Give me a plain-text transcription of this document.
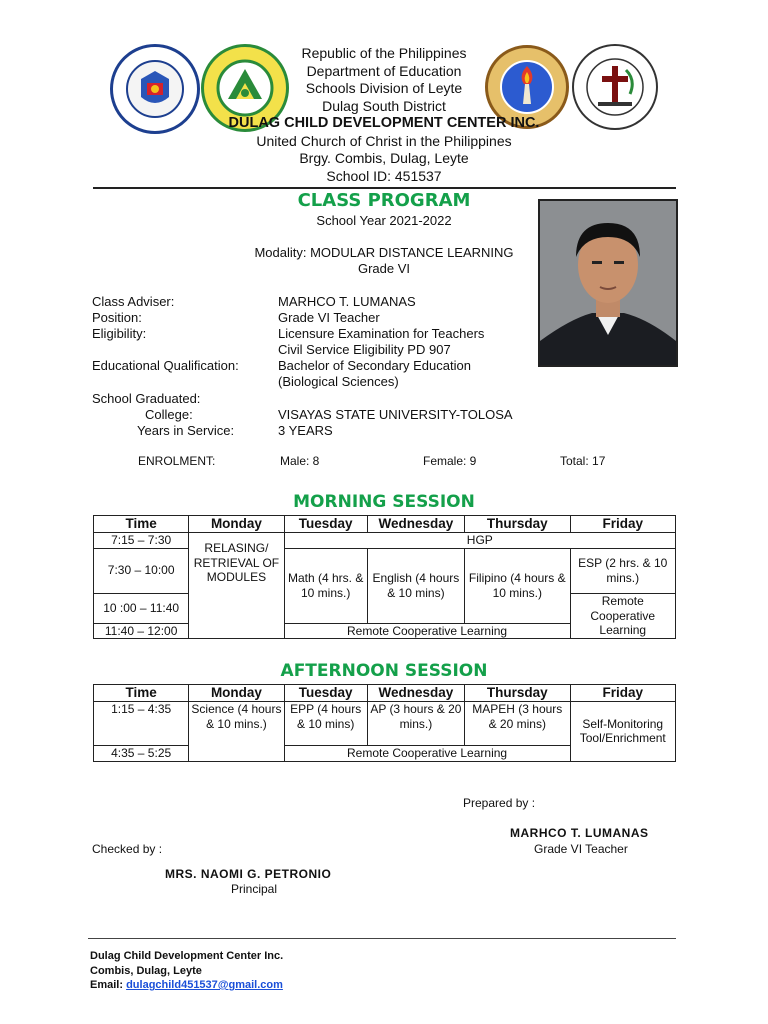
Republic of the Philippines
Department of Education
Schools Division of Leyte
Dulag South District
DULAG CHILD DEVELOPMENT CENTER INC.
United Church of Christ in the Philippines
Brgy. Combis, Dulag, Leyte
School ID: 451537
CLASS PROGRAM
School Year 2021-2022
Modality: MODULAR DISTANCE LEARNING
Grade VI
Class Adviser:	MARHCO T. LUMANAS
Position:	Grade VI Teacher
Eligibility:	Licensure Examination for Teachers
Civil Service Eligibility PD 907
Educational Qualification:	Bachelor of Secondary Education
(Biological Sciences)
School Graduated:
College:	VISAYAS STATE UNIVERSITY-TOLOSA
Years in Service:	3 YEARS
ENROLMENT:	Male: 8	Female: 9	Total: 17
MORNING SESSION
Time	Monday	Tuesday	Wednesday	Thursday	Friday
7:15 – 7:30	RELASING/ RETRIEVAL OF MODULES	HGP			
7:30 – 10:00		Math (4 hrs. & 10 mins.)	English (4 hours & 10 mins)	Filipino (4 hours & 10 mins.)	ESP (2 hrs. & 10 mins.)
10 :00 – 11:40					Remote Cooperative Learning
11:40 – 12:00		Remote Cooperative Learning			
AFTERNOON SESSION
Time	Monday	Tuesday	Wednesday	Thursday	Friday
1:15 – 4:35	Science (4 hours & 10 mins.)	EPP (4 hours & 10 mins)	AP (3 hours & 20 mins.)	MAPEH (3 hours & 20 mins)	Self-Monitoring Tool/Enrichment
4:35 – 5:25		Remote Cooperative Learning			
Prepared by :
MARHCO T. LUMANAS
Grade VI Teacher
Checked by :
MRS. NAOMI G. PETRONIO
Principal
Dulag Child Development Center Inc.
Combis, Dulag, Leyte
Email: dulagchild451537@gmail.com
